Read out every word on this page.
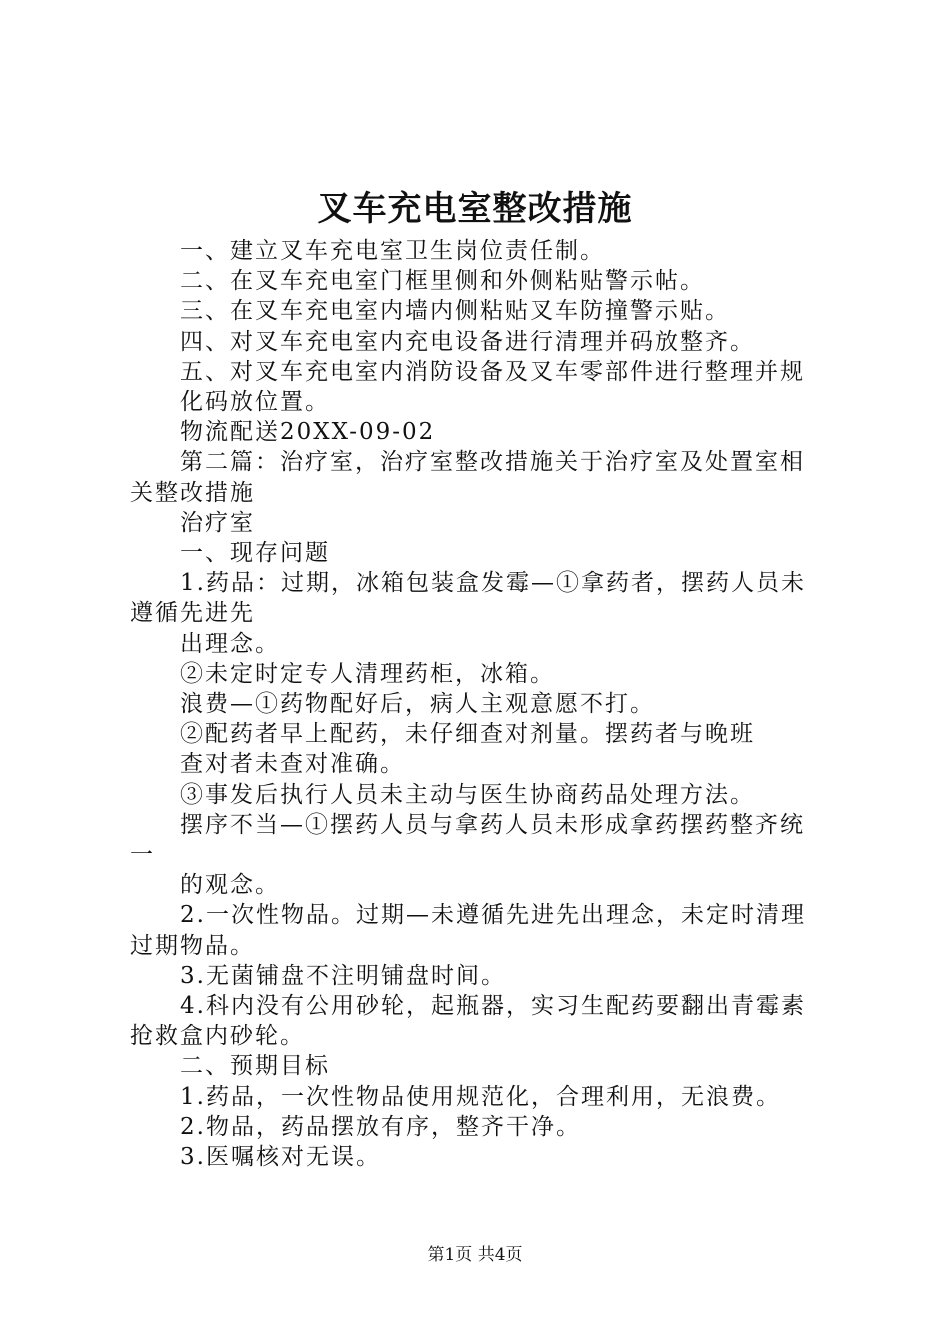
叉车充电室整改措施
一、建立叉车充电室卫生岗位责任制。
二、在叉车充电室门框里侧和外侧粘贴警示帖。
三、在叉车充电室内墙内侧粘贴叉车防撞警示贴。
四、对叉车充电室内充电设备进行清理并码放整齐。
五、对叉车充电室内消防设备及叉车零部件进行整理并规
化码放位置。
物流配送20XX-09-02
第二篇：治疗室，治疗室整改措施关于治疗室及处置室相
关整改措施
治疗室
一、现存问题
1.药品：过期，冰箱包装盒发霉—①拿药者，摆药人员未
遵循先进先
出理念。
②未定时定专人清理药柜，冰箱。
浪费—①药物配好后，病人主观意愿不打。
②配药者早上配药，未仔细查对剂量。摆药者与晚班
查对者未查对准确。
③事发后执行人员未主动与医生协商药品处理方法。
摆序不当—①摆药人员与拿药人员未形成拿药摆药整齐统
一
的观念。
2.一次性物品。过期—未遵循先进先出理念，未定时清理
过期物品。
3.无菌铺盘不注明铺盘时间。
4.科内没有公用砂轮，起瓶器，实习生配药要翻出青霉素
抢救盒内砂轮。
二、预期目标
1.药品，一次性物品使用规范化，合理利用，无浪费。
2.物品，药品摆放有序，整齐干净。
3.医嘱核对无误。
第1页 共4页
